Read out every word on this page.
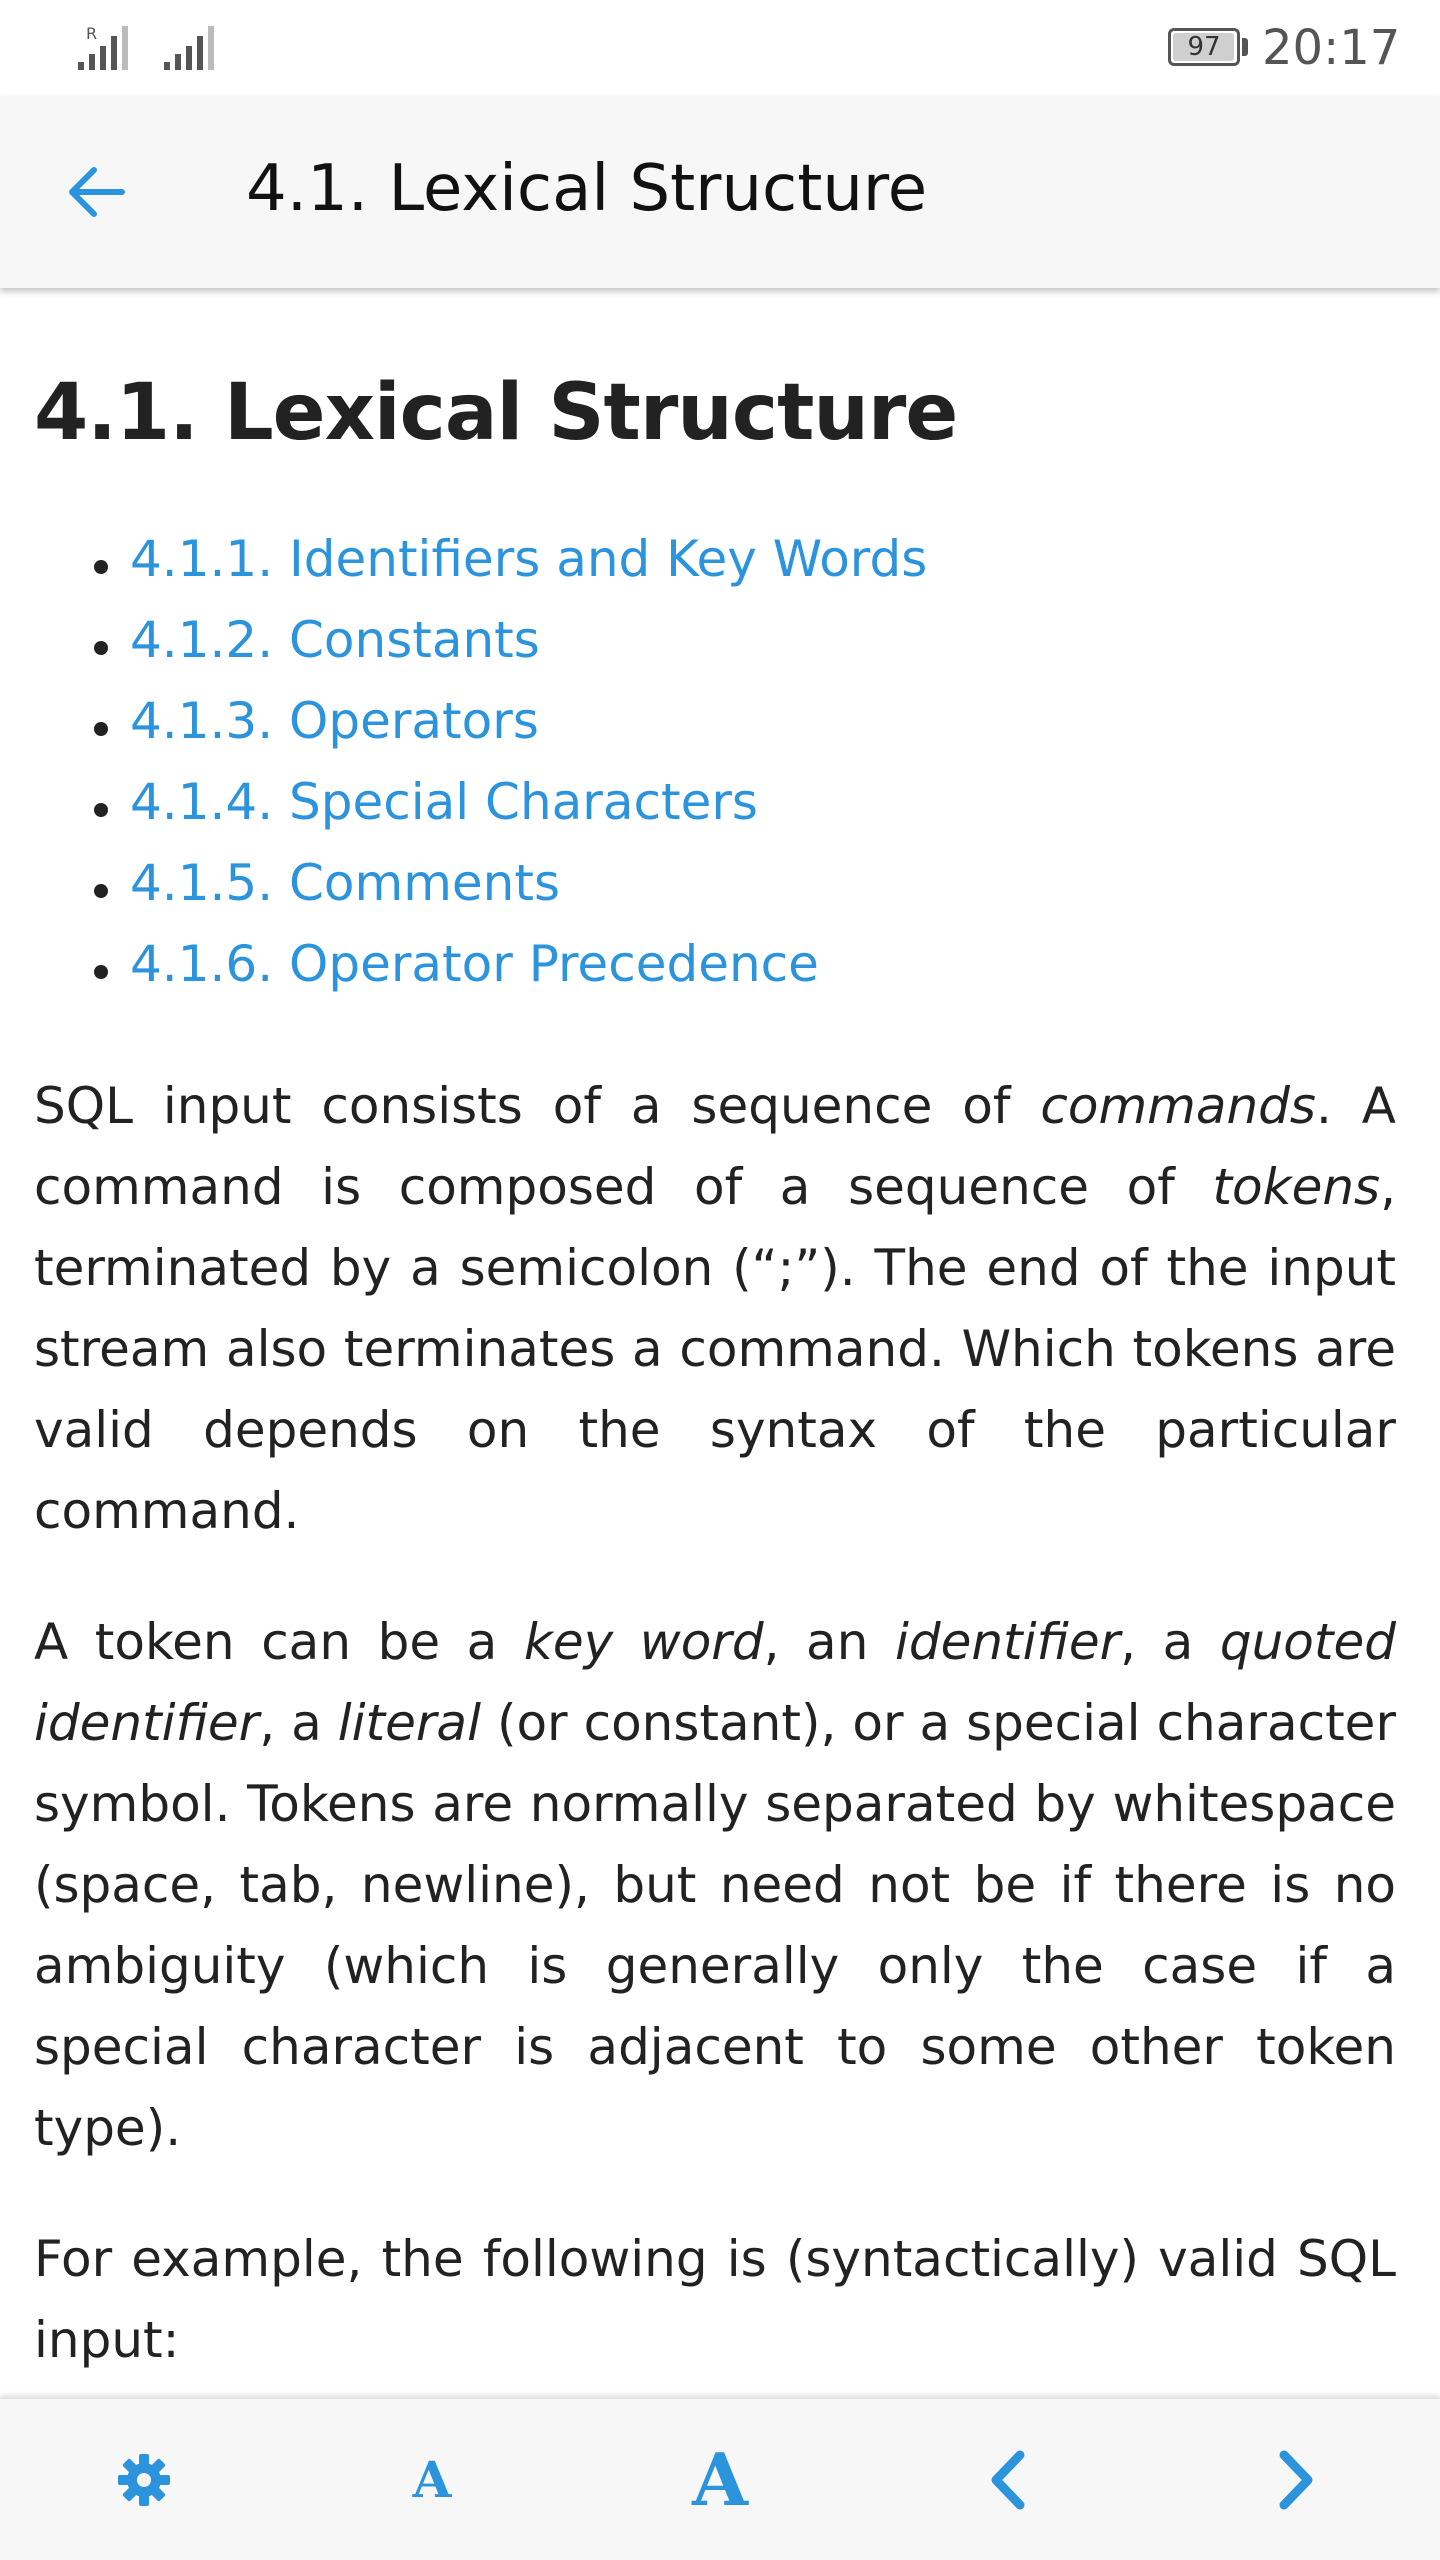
R	97 20:17
4.1. Lexical Structure
4.1. Lexical Structure
4.1.1. Identifiers and Key Words
4.1.2. Constants
4.1.3. Operators
4.1.4. Special Characters
4.1.5. Comments
4.1.6. Operator Precedence

SQL input consists of a sequence of commands. A command is composed of a sequence of tokens, terminated by a semicolon (“;”). The end of the input stream also terminates a command. Which tokens are valid depends on the syntax of the particular command.

A token can be a key word, an identifier, a quoted identifier, a literal (or constant), or a special character symbol. Tokens are normally separated by whitespace (space, tab, newline), but need not be if there is no ambiguity (which is generally only the case if a special character is adjacent to some other token type).

For example, the following is (syntactically) valid SQL input:

A	A
